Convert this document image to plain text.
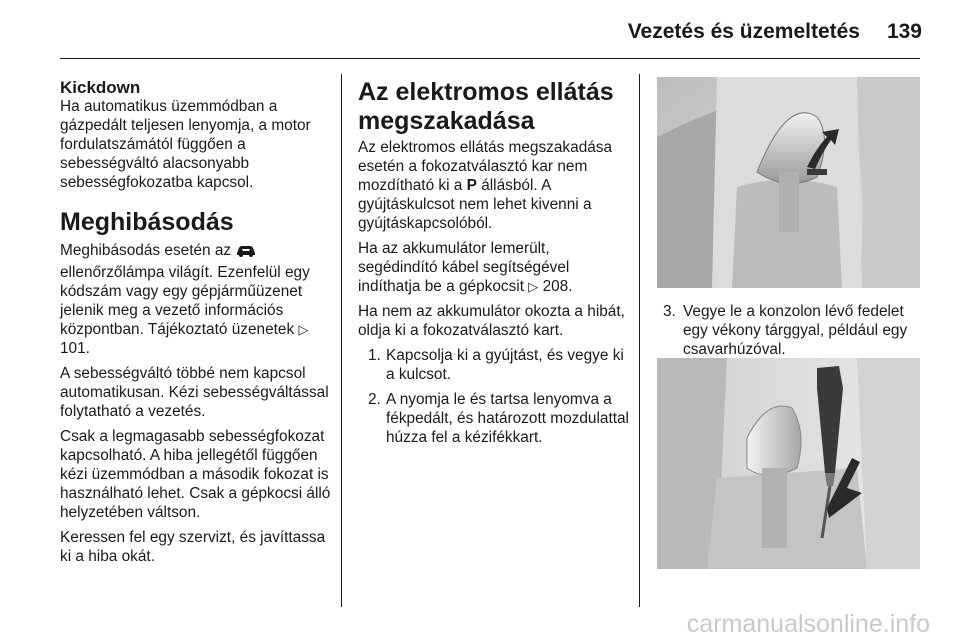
Vezetés és üzemeltetés	139
Kickdown

Ha automatikus üzemmódban a gázpedált teljesen lenyomja, a motor fordulatszámától függően a sebességváltó alacsonyabb sebességfokozatba kapcsol.

Meghibásodás

Meghibásodás esetén az  ellenőrzőlámpa világít. Ezenfelül egy kódszám vagy egy gépjárműüzenet jelenik meg a vezető információs központban. Tájékoztató üzenetek ▷ 101.

A sebességváltó többé nem kapcsol automatikusan. Kézi sebességváltással folytatható a vezetés.

Csak a legmagasabb sebességfokozat kapcsolható. A hiba jellegétől függően kézi üzemmódban a második fokozat is használható lehet. Csak a gépkocsi álló helyzetében váltson.

Keressen fel egy szervizt, és javíttassa ki a hiba okát.

Az elektromos ellátás megszakadása

Az elektromos ellátás megszakadása esetén a fokozatválasztó kar nem mozdítható ki a P állásból. A gyújtáskulcsot nem lehet kivenni a gyújtáskapcsolóból.

Ha az akkumulátor lemerült, segédindító kábel segítségével indíthatja be a gépkocsit ▷ 208.

Ha nem az akkumulátor okozta a hibát, oldja ki a fokozatválasztó kart.

1. Kapcsolja ki a gyújtást, és vegye ki a kulcsot.
2. A nyomja le és tartsa lenyomva a fékpedált, és határozott mozdulattal húzza fel a kézifékkart.
3. Vegye le a konzolon lévő fedelet egy vékony tárggyal, például egy csavarhúzóval.
carmanualsonline.info
